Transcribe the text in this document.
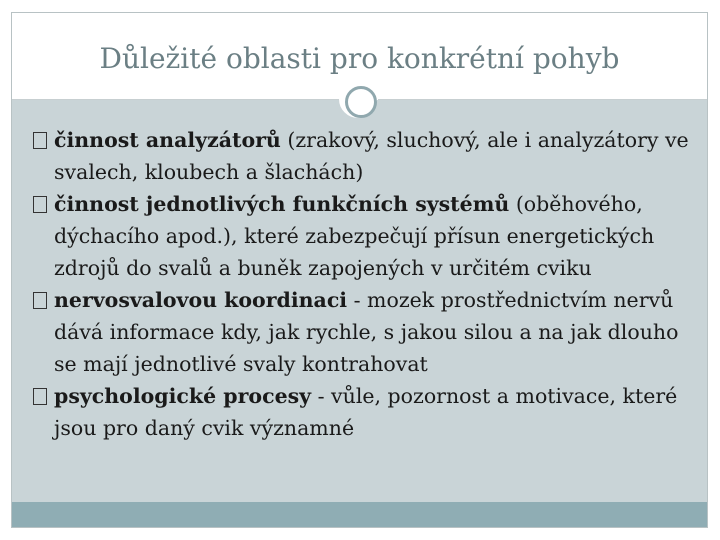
Důležité oblasti pro konkrétní pohyb
činnost analyzátorů (zrakový, sluchový, ale i analyzátory ve svalech, kloubech a šlachách)
činnost jednotlivých funkčních systémů (oběhového, dýchacího apod.), které zabezpečují přísun energetických zdrojů do svalů a buněk zapojených v určitém cviku
nervosvalovou koordinaci - mozek prostřednictvím nervů dává informace kdy, jak rychle, s jakou silou a na jak dlouho se mají jednotlivé svaly kontrahovat
psychologické procesy - vůle, pozornost a motivace, které jsou pro daný cvik významné
